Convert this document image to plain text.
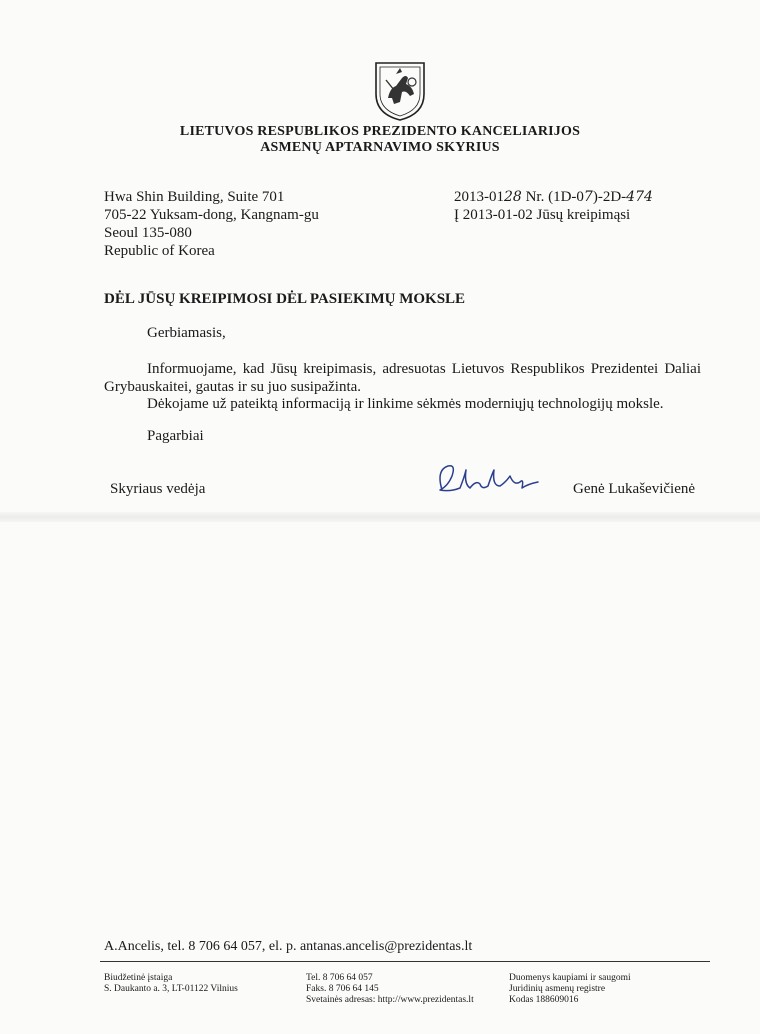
LIETUVOS RESPUBLIKOS PREZIDENTO KANCELIARIJOS
ASMENŲ APTARNAVIMO SKYRIUS
Hwa Shin Building, Suite 701
705-22 Yuksam-dong, Kangnam-gu
Seoul 135-080
Republic of Korea
2013-0128 Nr. (1D-07)-2D-474
Į 2013-01-02 Jūsų kreipimąsi
DĖL JŪSŲ KREIPIMOSI DĖL PASIEKIMŲ MOKSLE
Gerbiamasis,
Informuojame, kad Jūsų kreipimasis, adresuotas Lietuvos Respublikos Prezidentei Daliai Grybauskaitei, gautas ir su juo susipažinta.
Dėkojame už pateiktą informaciją ir linkime sėkmės moderniųjų technologijų moksle.
Pagarbiai
Skyriaus vedėja	Genė Lukaševičienė
A.Ancelis, tel. 8 706 64 057, el. p. antanas.ancelis@prezidentas.lt
Biudžetinė įstaiga
S. Daukanto a. 3, LT-01122 Vilnius
Tel. 8 706 64 057
Faks. 8 706 64 145
Svetainės adresas: http://www.prezidentas.lt
Duomenys kaupiami ir saugomi
Juridinių asmenų registre
Kodas 188609016
